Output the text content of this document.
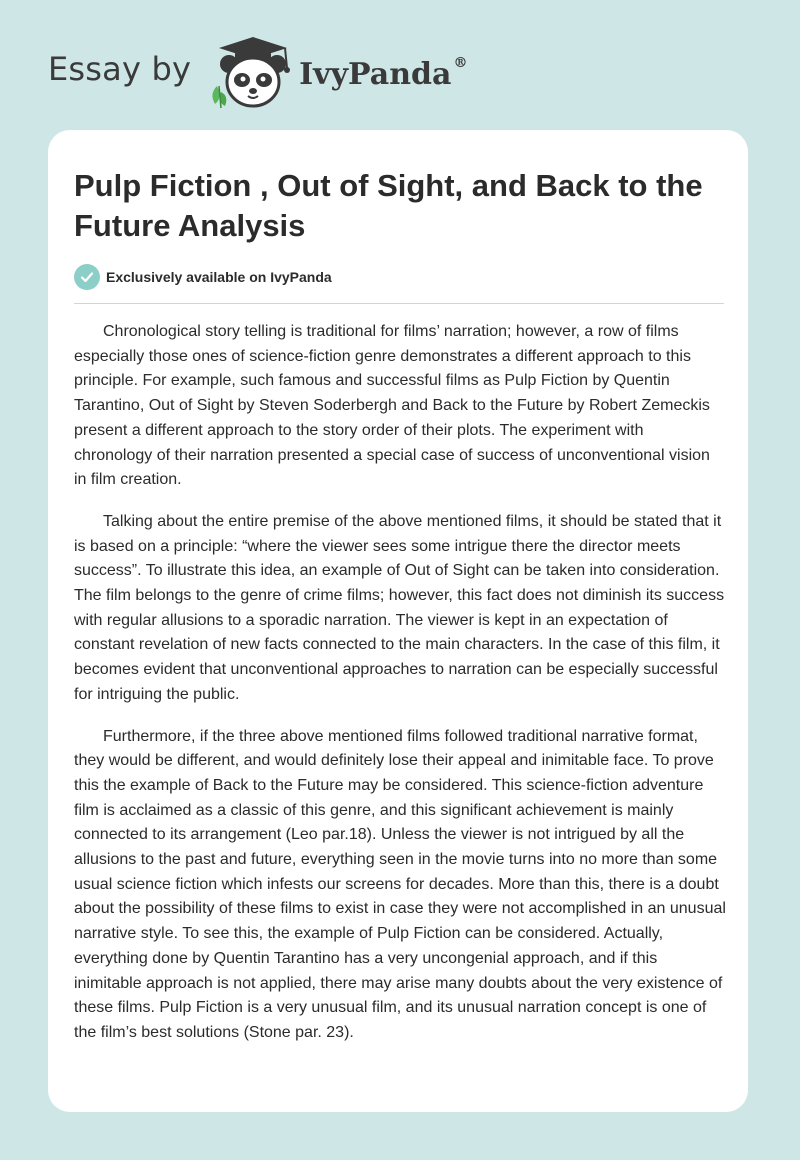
Essay by	IvyPanda ®
Pulp Fiction , Out of Sight, and Back to the Future Analysis
Exclusively available on IvyPanda

Chronological story telling is traditional for films’ narration; however, a row of films especially those ones of science-fiction genre demonstrates a different approach to this principle. For example, such famous and successful films as Pulp Fiction by Quentin Tarantino, Out of Sight by Steven Soderbergh and Back to the Future by Robert Zemeckis present a different approach to the story order of their plots. The experiment with chronology of their narration presented a special case of success of unconventional vision in film creation.

Talking about the entire premise of the above mentioned films, it should be stated that it is based on a principle: “where the viewer sees some intrigue there the director meets success”. To illustrate this idea, an example of Out of Sight can be taken into consideration. The film belongs to the genre of crime films; however, this fact does not diminish its success with regular allusions to a sporadic narration. The viewer is kept in an expectation of constant revelation of new facts connected to the main characters. In the case of this film, it becomes evident that unconventional approaches to narration can be especially successful for intriguing the public.

Furthermore, if the three above mentioned films followed traditional narrative format, they would be different, and would definitely lose their appeal and inimitable face. To prove this the example of Back to the Future may be considered. This science-fiction adventure film is acclaimed as a classic of this genre, and this significant achievement is mainly connected to its arrangement (Leo par.18). Unless the viewer is not intrigued by all the allusions to the past and future, everything seen in the movie turns into no more than some usual science fiction which infests our screens for decades. More than this, there is a doubt about the possibility of these films to exist in case they were not accomplished in an unusual narrative style. To see this, the example of Pulp Fiction can be considered. Actually, everything done by Quentin Tarantino has a very uncongenial approach, and if this inimitable approach is not applied, there may arise many doubts about the very existence of these films. Pulp Fiction is a very unusual film, and its unusual narration concept is one of the film’s best solutions (Stone par. 23).
